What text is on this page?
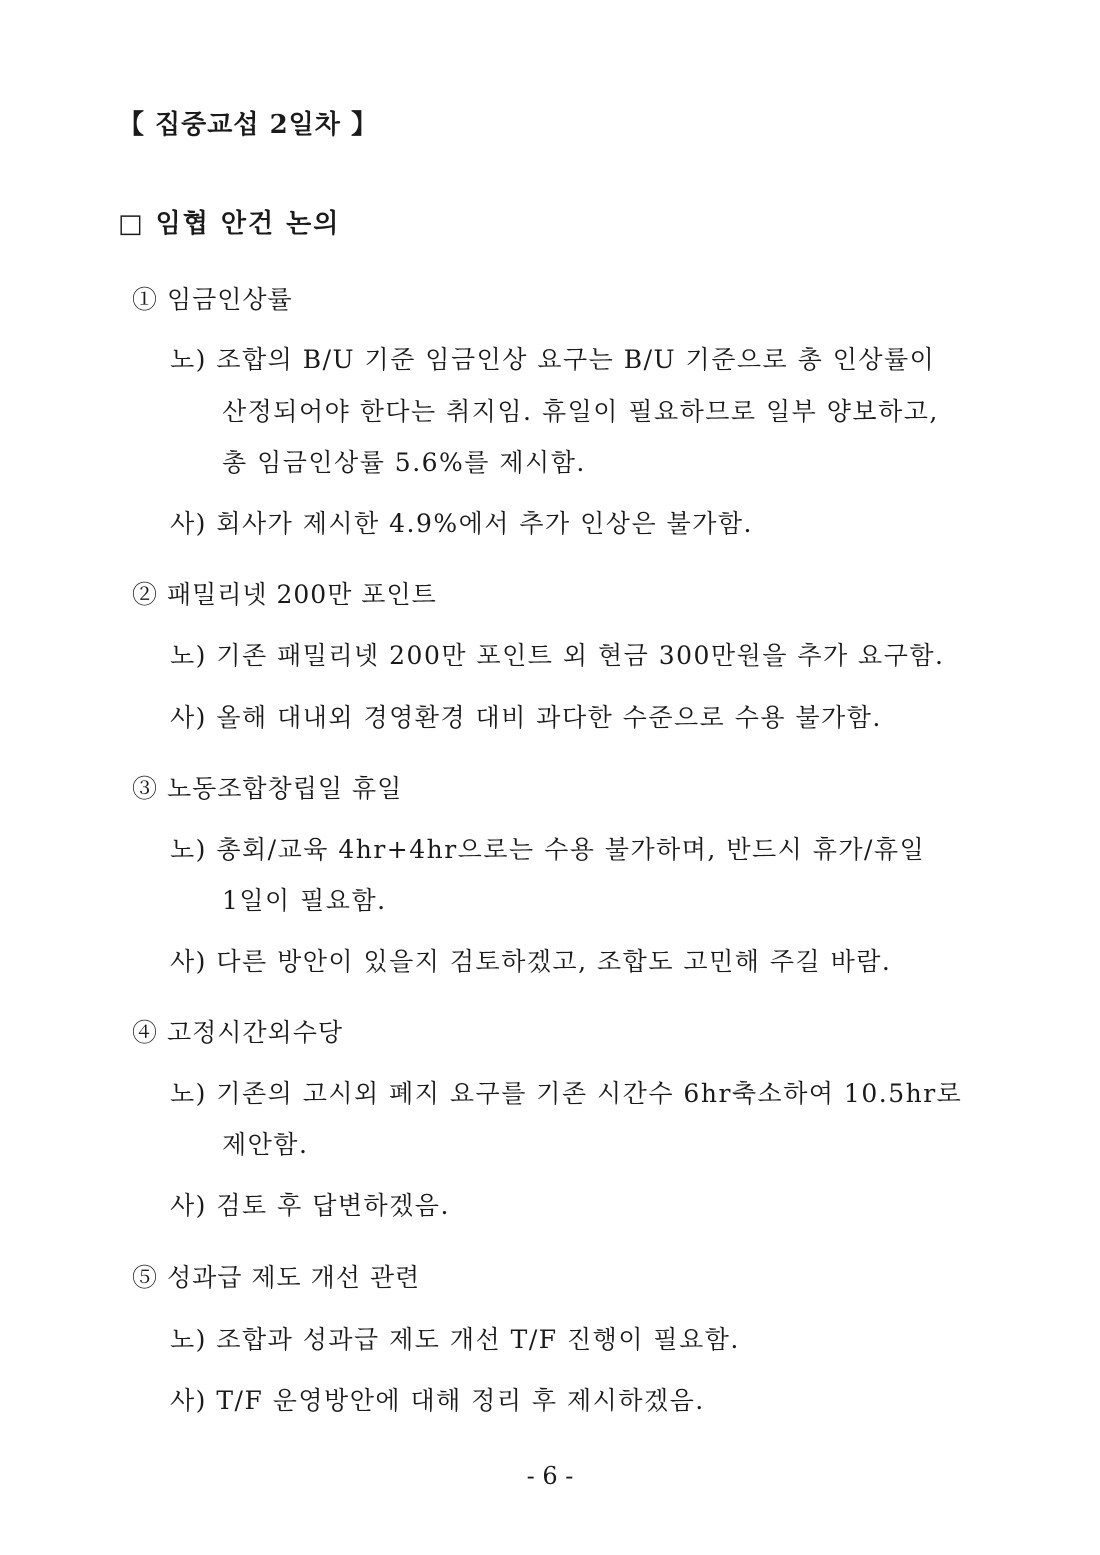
【 집중교섭 2일차 】
□ 임협 안건 논의
① 임금인상률
노) 조합의 B/U 기준 임금인상 요구는 B/U 기준으로 총 인상률이
산정되어야 한다는 취지임. 휴일이 필요하므로 일부 양보하고,
총 임금인상률 5.6%를 제시함.
사) 회사가 제시한 4.9%에서 추가 인상은 불가함.
② 패밀리넷 200만 포인트
노) 기존 패밀리넷 200만 포인트 외 현금 300만원을 추가 요구함.
사) 올해 대내외 경영환경 대비 과다한 수준으로 수용 불가함.
③ 노동조합창립일 휴일
노) 총회/교육 4hr+4hr으로는 수용 불가하며, 반드시 휴가/휴일
1일이 필요함.
사) 다른 방안이 있을지 검토하겠고, 조합도 고민해 주길 바람.
④ 고정시간외수당
노) 기존의 고시외 폐지 요구를 기존 시간수 6hr축소하여 10.5hr로
제안함.
사) 검토 후 답변하겠음.
⑤ 성과급 제도 개선 관련
노) 조합과 성과급 제도 개선 T/F 진행이 필요함.
사) T/F 운영방안에 대해 정리 후 제시하겠음.
- 6 -
